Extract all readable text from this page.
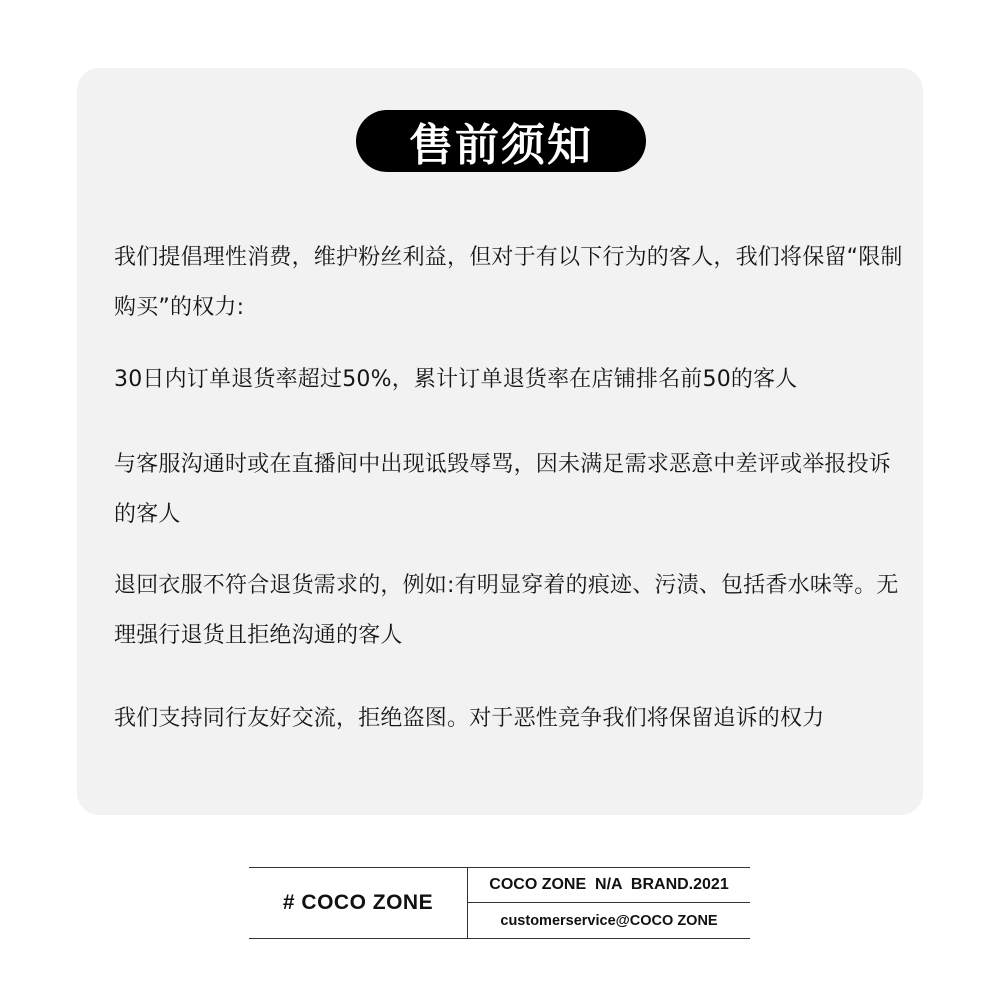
售前须知

我们提倡理性消费，维护粉丝利益，但对于有以下行为的客人，我们将保留“限制购买”的权力:

30日内订单退货率超过50%，累计订单退货率在店铺排名前50的客人

与客服沟通时或在直播间中出现诋毁辱骂，因未满足需求恶意中差评或举报投诉的客人

退回衣服不符合退货需求的，例如:有明显穿着的痕迹、污渍、包括香水味等。无理强行退货且拒绝沟通的客人

我们支持同行友好交流，拒绝盗图。对于恶性竞争我们将保留追诉的权力

# COCO ZONE
COCO ZONE  N/A  BRAND.2021
customerservice@COCO ZONE
